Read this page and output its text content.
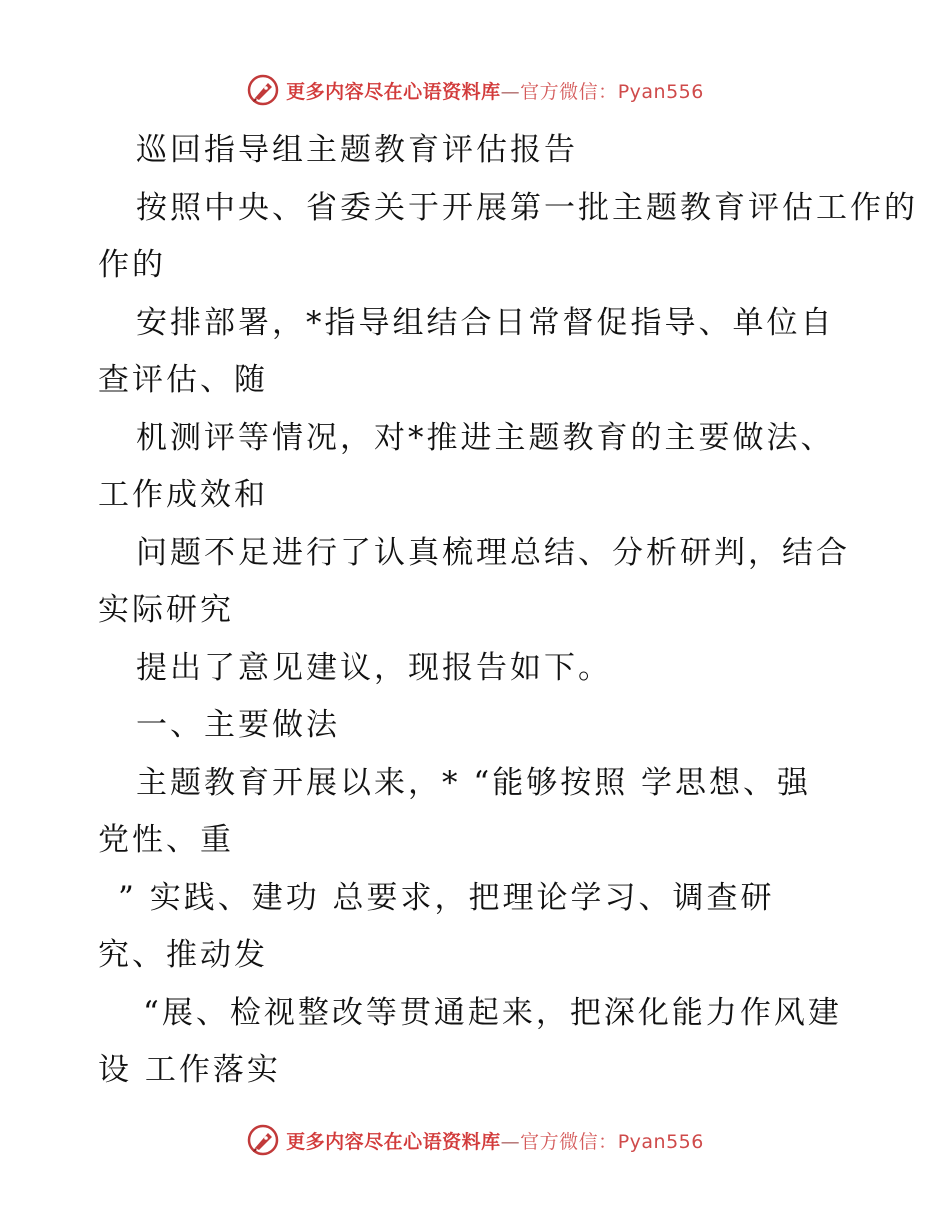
更多内容尽在心语资料库—官方微信：Pyan556
巡回指导组主题教育评估报告
按照中央、省委关于开展第一批主题教育评估工作的
作的
安排部署，*指导组结合日常督促指导、单位自
查评估、随
机测评等情况，对*推进主题教育的主要做法、
工作成效和
问题不足进行了认真梳理总结、分析研判，结合
实际研究
提出了意见建议，现报告如下。
一、主要做法
主题教育开展以来，* “能够按照 学思想、强
党性、重
” 实践、建功 总要求，把理论学习、调查研
究、推动发
“展、检视整改等贯通起来，把深化能力作风建
设 工作落实
更多内容尽在心语资料库—官方微信：Pyan556
